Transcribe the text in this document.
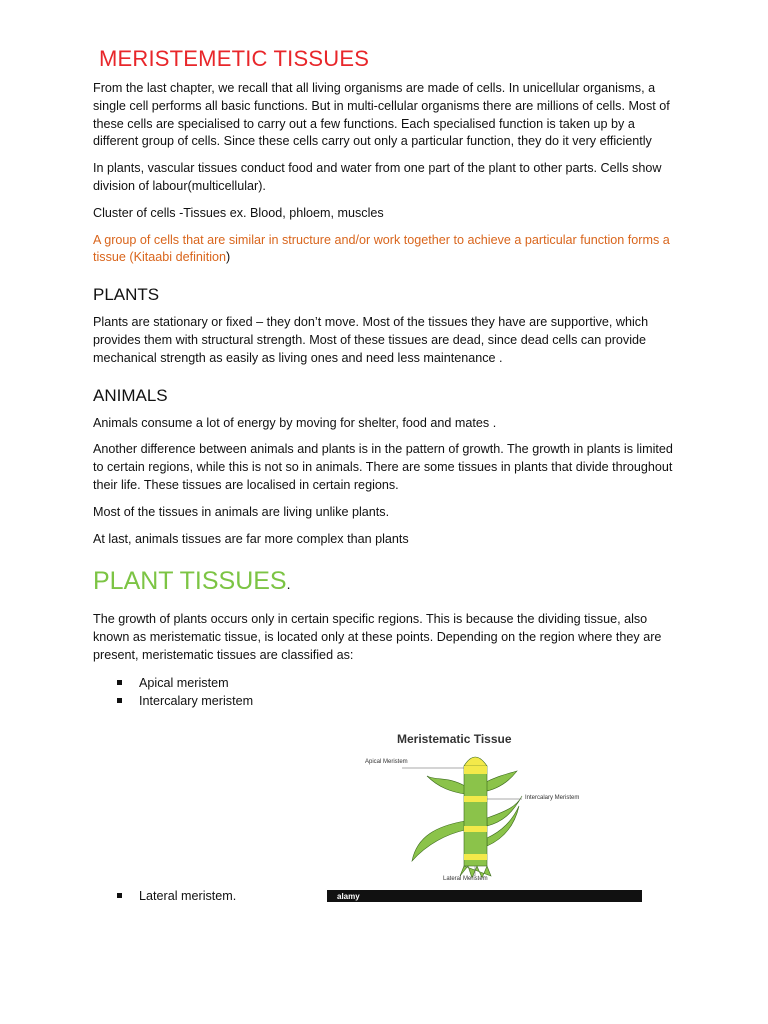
MERISTEMETIC TISSUES

From the last chapter, we recall that all living organisms are made of cells. In unicellular organisms, a single cell performs all basic functions. But in multi-cellular organisms there are millions of cells. Most of these cells are specialised to carry out a few functions. Each specialised function is taken up by a different group of cells. Since these cells carry out only a particular function, they do it very efficiently

In plants, vascular tissues conduct food and water from one part of the plant to other parts. Cells show division of labour(multicellular).

Cluster of cells -Tissues ex. Blood, phloem, muscles

A group of cells that are similar in structure and/or work together to achieve a particular function forms a tissue (Kitaabi definition)

PLANTS

Plants are stationary or fixed – they don’t move. Most of the tissues they have are supportive, which provides them with structural strength. Most of these tissues are dead, since dead cells can provide mechanical strength as easily as living ones and need less maintenance .

ANIMALS

Animals consume a lot of energy by moving for shelter, food and mates .

Another difference between animals and plants is in the pattern of growth. The growth in plants is limited to certain regions, while this is not so in animals. There are some tissues in plants that divide throughout their life. These tissues are localised in certain regions.

Most of the tissues in animals are living unlike plants.

At last, animals tissues are far more complex than plants

PLANT TISSUES.

The growth of plants occurs only in certain specific regions. This is because the dividing tissue, also known as meristematic tissue, is located only at these points. Depending on the region where they are present, meristematic tissues are classified as:

Apical meristem
Intercalary meristem
Meristematic Tissue
Apical Meristem
Intercalary Meristem
Lateral Meristem
alamy
Lateral meristem.
